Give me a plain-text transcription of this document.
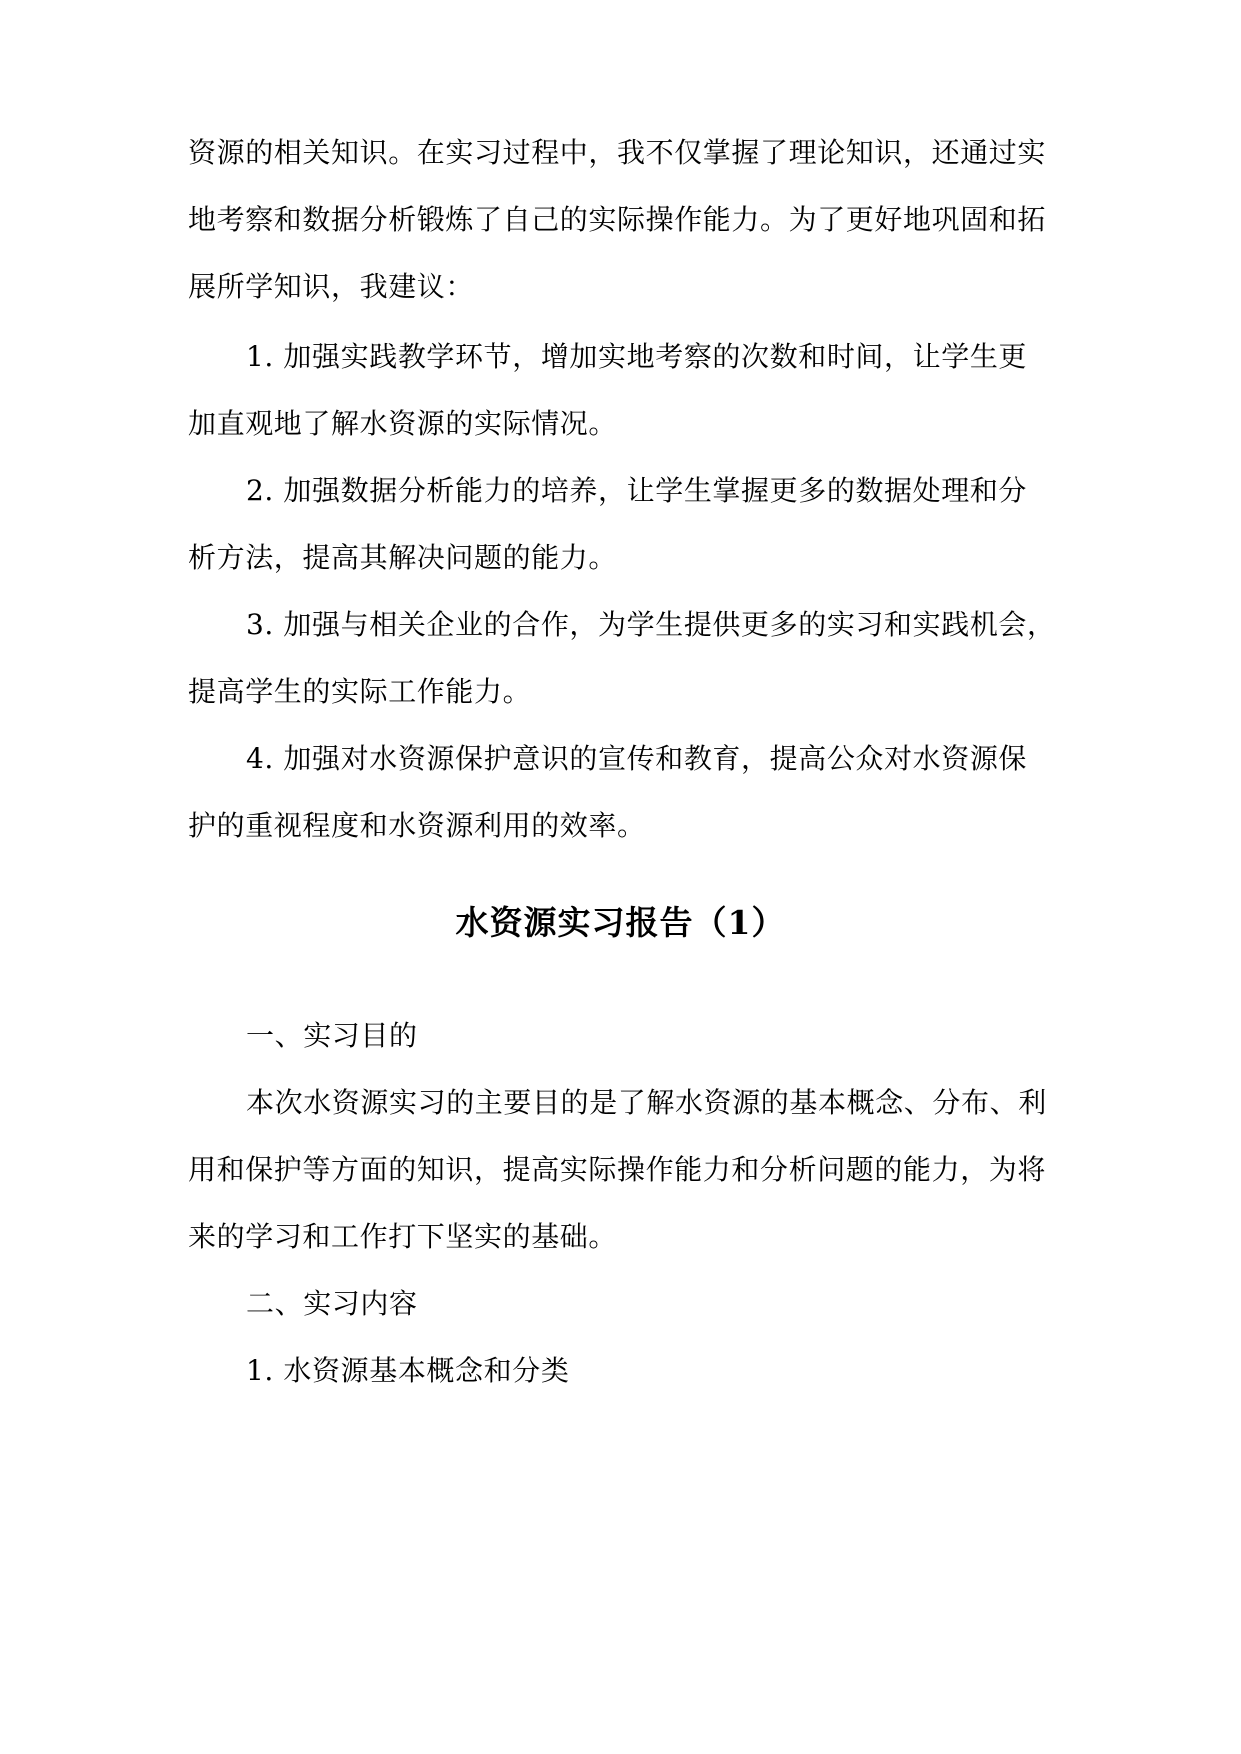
资源的相关知识。在实习过程中，我不仅掌握了理论知识，还通过实
地考察和数据分析锻炼了自己的实际操作能力。为了更好地巩固和拓
展所学知识，我建议：
1. 加强实践教学环节，增加实地考察的次数和时间，让学生更
加直观地了解水资源的实际情况。
2. 加强数据分析能力的培养，让学生掌握更多的数据处理和分
析方法，提高其解决问题的能力。
3. 加强与相关企业的合作，为学生提供更多的实习和实践机会，
提高学生的实际工作能力。
4. 加强对水资源保护意识的宣传和教育，提高公众对水资源保
护的重视程度和水资源利用的效率。
水资源实习报告（1）
一、实习目的
本次水资源实习的主要目的是了解水资源的基本概念、分布、利
用和保护等方面的知识，提高实际操作能力和分析问题的能力，为将
来的学习和工作打下坚实的基础。
二、实习内容
1. 水资源基本概念和分类
